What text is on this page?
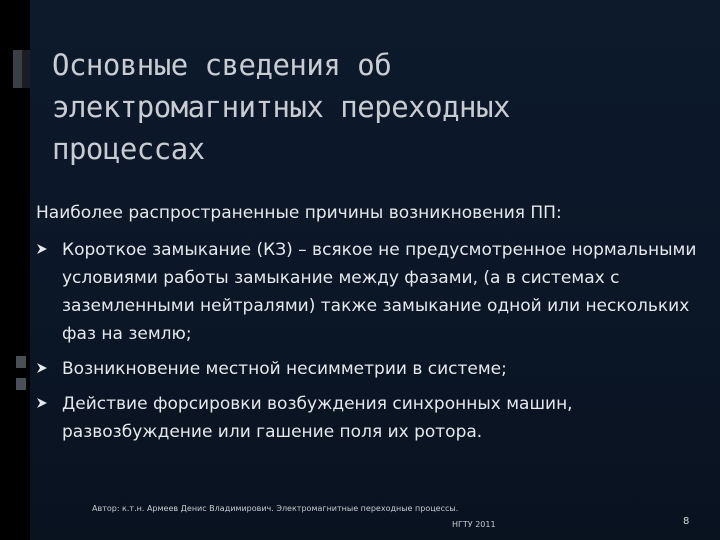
Основные сведения об электромагнитных переходных процессах
Наиболее распространенные причины возникновения ПП:
Короткое замыкание (КЗ) – всякое не предусмотренное нормальными условиями работы замыкание между фазами, (а в системах с заземленными нейтралями) также замыкание одной или нескольких фаз на землю;
Возникновение местной несимметрии в системе;
Действие форсировки возбуждения синхронных машин, развозбуждение или гашение поля их ротора.
Автор: к.т.н. Армеев Денис Владимирович. Электромагнитные переходные процессы.
НГТУ 2011	8
